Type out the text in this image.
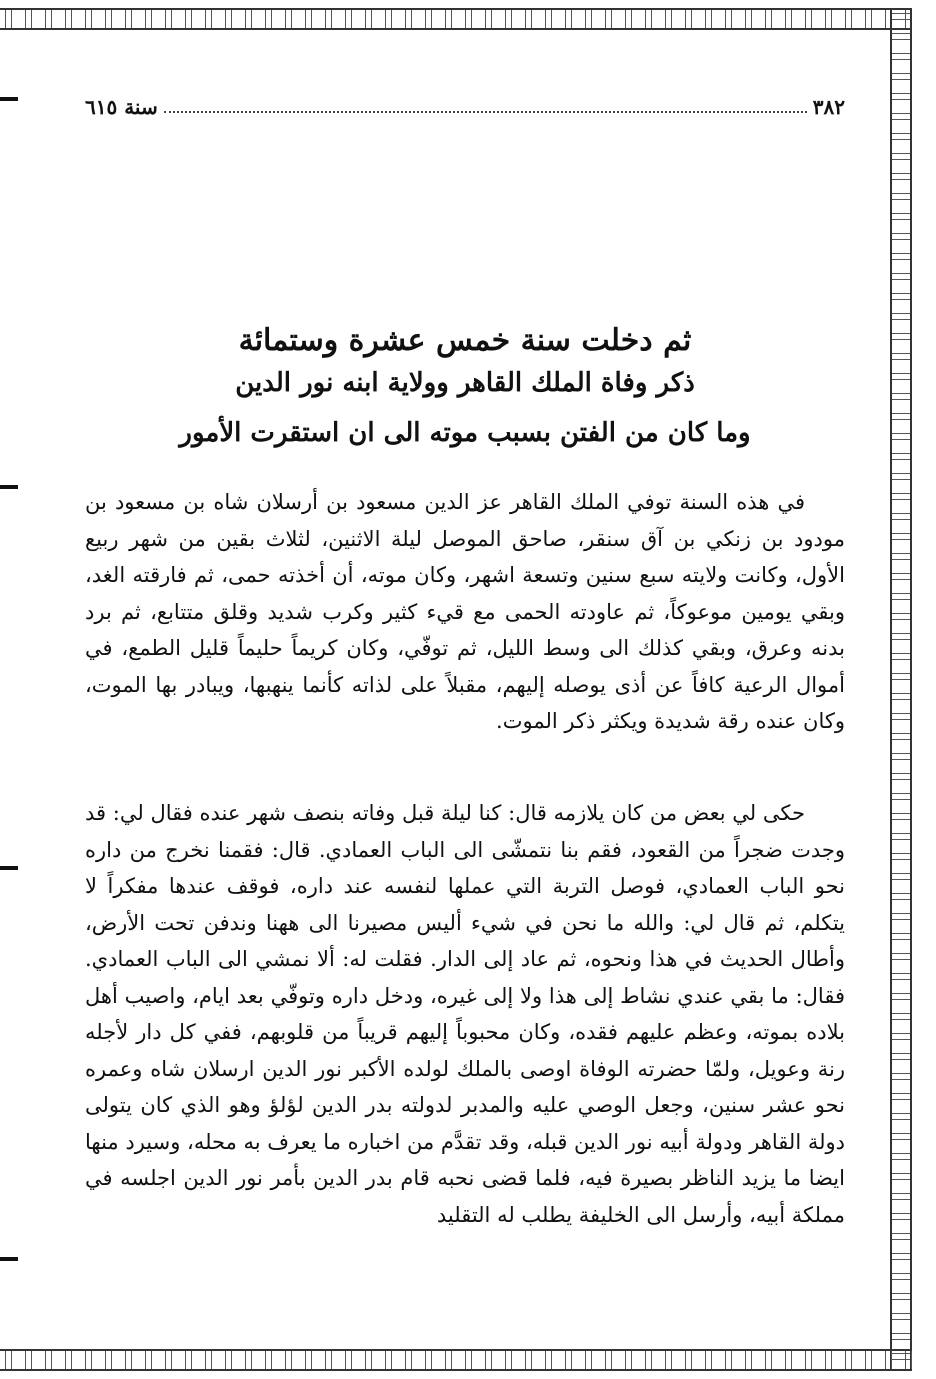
٣٨٢
سنة ٦١٥
ثم دخلت سنة خمس عشرة وستمائة
ذكر وفاة الملك القاهر وولاية ابنه نور الدين
وما كان من الفتن بسبب موته الى ان استقرت الأمور

في هذه السنة توفي الملك القاهر عز الدين مسعود بن أرسلان شاه بن مسعود بن مودود بن زنكي بن آق سنقر، صاحق الموصل ليلة الاثنين، لثلاث بقين من شهر ربيع الأول، وكانت ولايته سبع سنين وتسعة اشهر، وكان موته، أن أخذته حمى، ثم فارقته الغد، وبقي يومين موعوكاً، ثم عاودته الحمى مع قيء كثير وكرب شديد وقلق متتابع، ثم برد بدنه وعرق، وبقي كذلك الى وسط الليل، ثم توفّي، وكان كريماً حليماً قليل الطمع، في أموال الرعية كافاً عن أذى يوصله إليهم، مقبلاً على لذاته كأنما ينهبها، ويبادر بها الموت، وكان عنده رقة شديدة ويكثر ذكر الموت.

حكى لي بعض من كان يلازمه قال: كنا ليلة قبل وفاته بنصف شهر عنده فقال لي: قد وجدت ضجراً من القعود، فقم بنا نتمشّى الى الباب العمادي. قال: فقمنا نخرج من داره نحو الباب العمادي، فوصل التربة التي عملها لنفسه عند داره، فوقف عندها مفكراً لا يتكلم، ثم قال لي: والله ما نحن في شيء أليس مصيرنا الى ههنا وندفن تحت الأرض، وأطال الحديث في هذا ونحوه، ثم عاد إلى الدار. فقلت له: ألا نمشي الى الباب العمادي. فقال: ما بقي عندي نشاط إلى هذا ولا إلى غيره، ودخل داره وتوفّي بعد ايام، واصيب أهل بلاده بموته، وعظم عليهم فقده، وكان محبوباً إليهم قريباً من قلوبهم، ففي كل دار لأجله رنة وعويل، ولمّا حضرته الوفاة اوصى بالملك لولده الأكبر نور الدين ارسلان شاه وعمره نحو عشر سنين، وجعل الوصي عليه والمدبر لدولته بدر الدين لؤلؤ وهو الذي كان يتولى دولة القاهر ودولة أبيه نور الدين قبله، وقد تقدَّم من اخباره ما يعرف به محله، وسيرد منها ايضا ما يزيد الناظر بصيرة فيه، فلما قضى نحبه قام بدر الدين بأمر نور الدين اجلسه في مملكة أبيه، وأرسل الى الخليفة يطلب له التقليد
